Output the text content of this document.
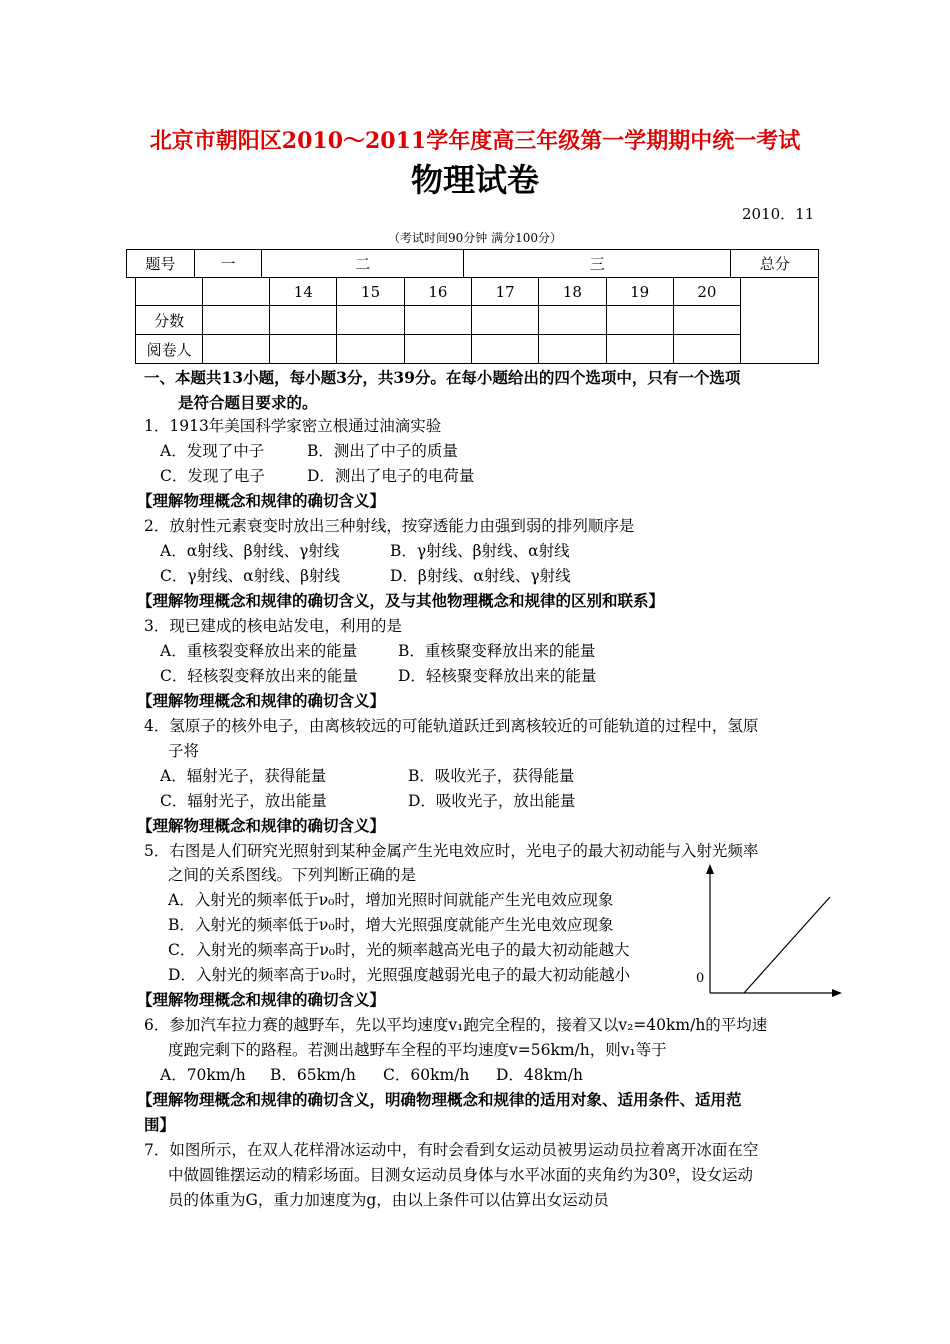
北京市朝阳区2010～2011学年度高三年级第一学期期中统一考试
物理试卷
2010．11
（考试时间90分钟 满分100分）
题号	一	二	三	总分
		14	15	16	17	18	19	20	
分数									
阅卷人									
一、本题共13小题，每小题3分，共39分。在每小题给出的四个选项中，只有一个选项
是符合题目要求的。
1．1913年美国科学家密立根通过油滴实验
A．发现了中子	B．测出了中子的质量
C．发现了电子	D．测出了电子的电荷量
【理解物理概念和规律的确切含义】
2．放射性元素衰变时放出三种射线，按穿透能力由强到弱的排列顺序是
A．α射线、β射线、γ射线	B．γ射线、β射线、α射线
C．γ射线、α射线、β射线	D．β射线、α射线、γ射线
【理解物理概念和规律的确切含义，及与其他物理概念和规律的区别和联系】
3．现已建成的核电站发电，利用的是
A．重核裂变释放出来的能量	B．重核聚变释放出来的能量
C．轻核裂变释放出来的能量	D．轻核聚变释放出来的能量
【理解物理概念和规律的确切含义】
4．氢原子的核外电子，由离核较远的可能轨道跃迁到离核较近的可能轨道的过程中，氢原
子将
A．辐射光子，获得能量	B．吸收光子，获得能量
C．辐射光子，放出能量	D．吸收光子，放出能量
【理解物理概念和规律的确切含义】
5．右图是人们研究光照射到某种金属产生光电效应时，光电子的最大初动能与入射光频率
之间的关系图线。下列判断正确的是
A．入射光的频率低于ν₀时，增加光照时间就能产生光电效应现象
B．入射光的频率低于ν₀时，增大光照强度就能产生光电效应现象
C．入射光的频率高于ν₀时，光的频率越高光电子的最大初动能越大
D．入射光的频率高于ν₀时，光照强度越弱光电子的最大初动能越小
【理解物理概念和规律的确切含义】
0
6．参加汽车拉力赛的越野车，先以平均速度v₁跑完全程的，接着又以v₂=40km/h的平均速
度跑完剩下的路程。若测出越野车全程的平均速度v=56km/h，则v₁等于
A．70km/h B．65km/h C．60km/h D．48km/h
【理解物理概念和规律的确切含义，明确物理概念和规律的适用对象、适用条件、适用范
围】
7．如图所示，在双人花样滑冰运动中，有时会看到女运动员被男运动员拉着离开冰面在空
中做圆锥摆运动的精彩场面。目测女运动员身体与水平冰面的夹角约为30º，设女运动
员的体重为G，重力加速度为g，由以上条件可以估算出女运动员
